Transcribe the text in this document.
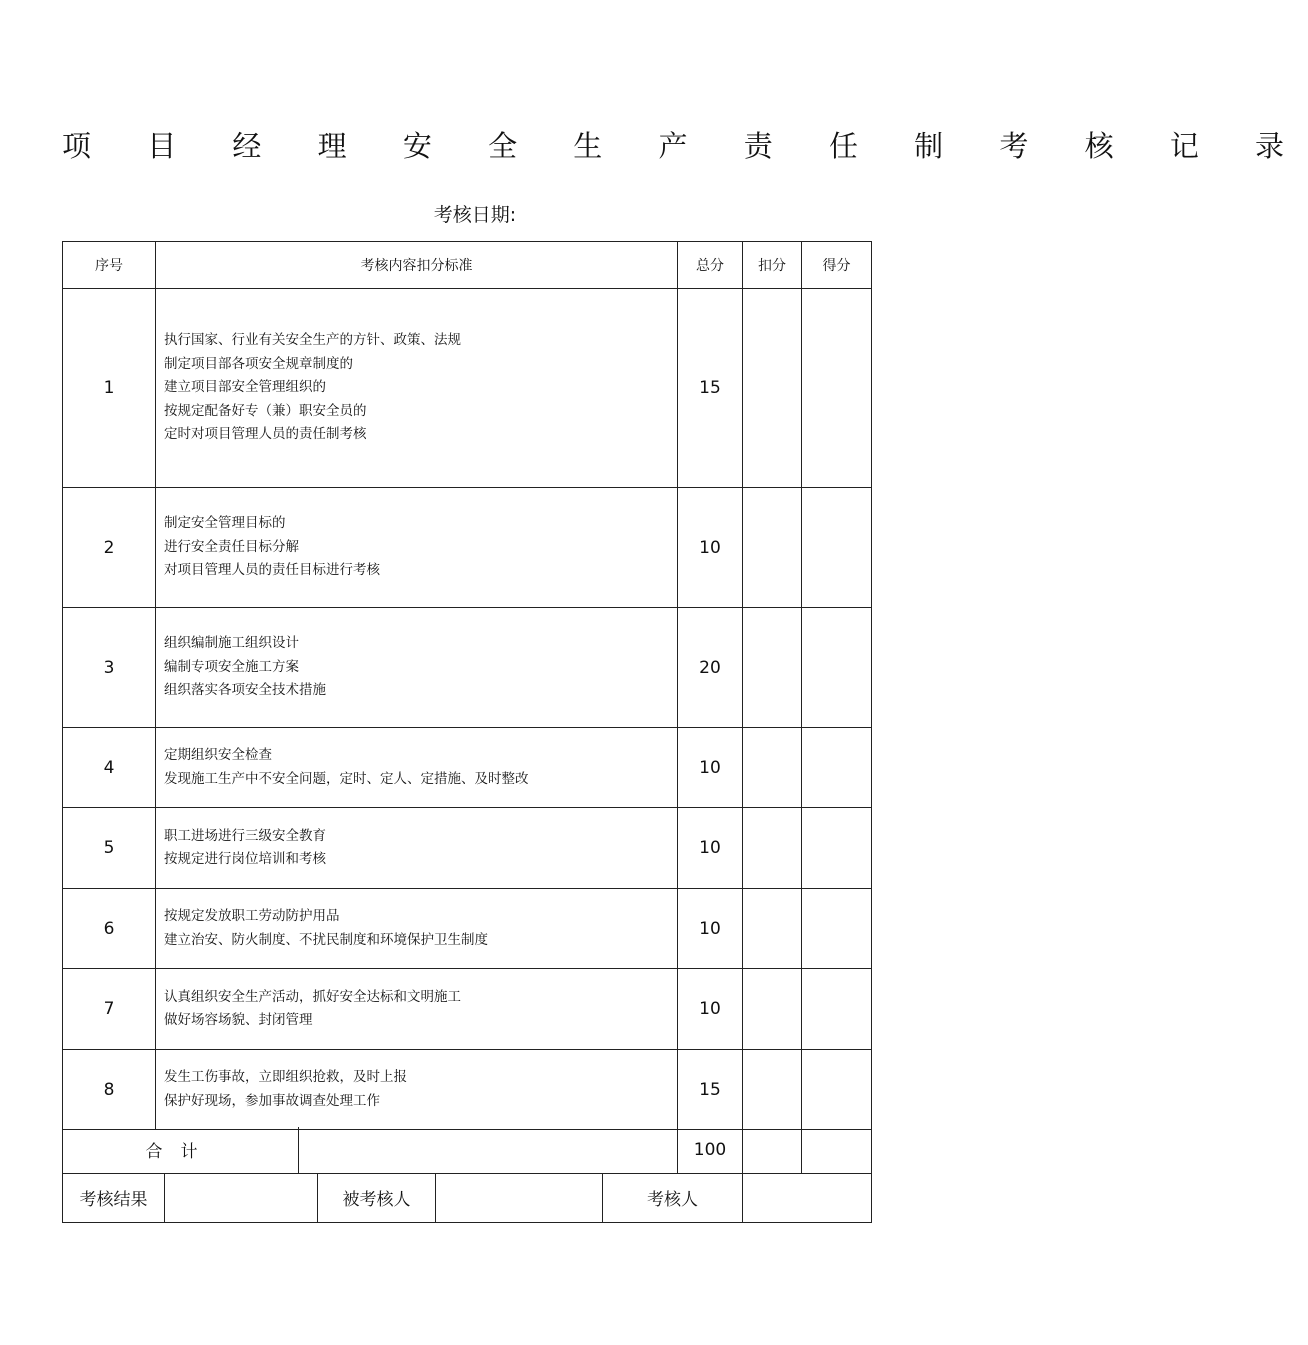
项 目 经 理 安 全 生 产 责 任 制 考 核 记 录
考核日期:
序号	考核内容扣分标准	总分	扣分	得分
1	执行国家、行业有关安全生产的方针、政策、法规
制定项目部各项安全规章制度的
建立项目部安全管理组织的
按规定配备好专（兼）职安全员的
定时对项目管理人员的责任制考核	15		
2	制定安全管理目标的
进行安全责任目标分解
对项目管理人员的责任目标进行考核	10		
3	组织编制施工组织设计
编制专项安全施工方案
组织落实各项安全技术措施	20		
4	定期组织安全检查
发现施工生产中不安全问题，定时、定人、定措施、及时整改	10		
5	职工进场进行三级安全教育
按规定进行岗位培训和考核	10		
6	按规定发放职工劳动防护用品
建立治安、防火制度、不扰民制度和环境保护卫生制度	10		
7	认真组织安全生产活动，抓好安全达标和文明施工
做好场容场貌、封闭管理	10		
8	发生工伤事故，立即组织抢救，及时上报
保护好现场，参加事故调查处理工作	15		
合计		100		
考核结果		被考核人		考核人	
